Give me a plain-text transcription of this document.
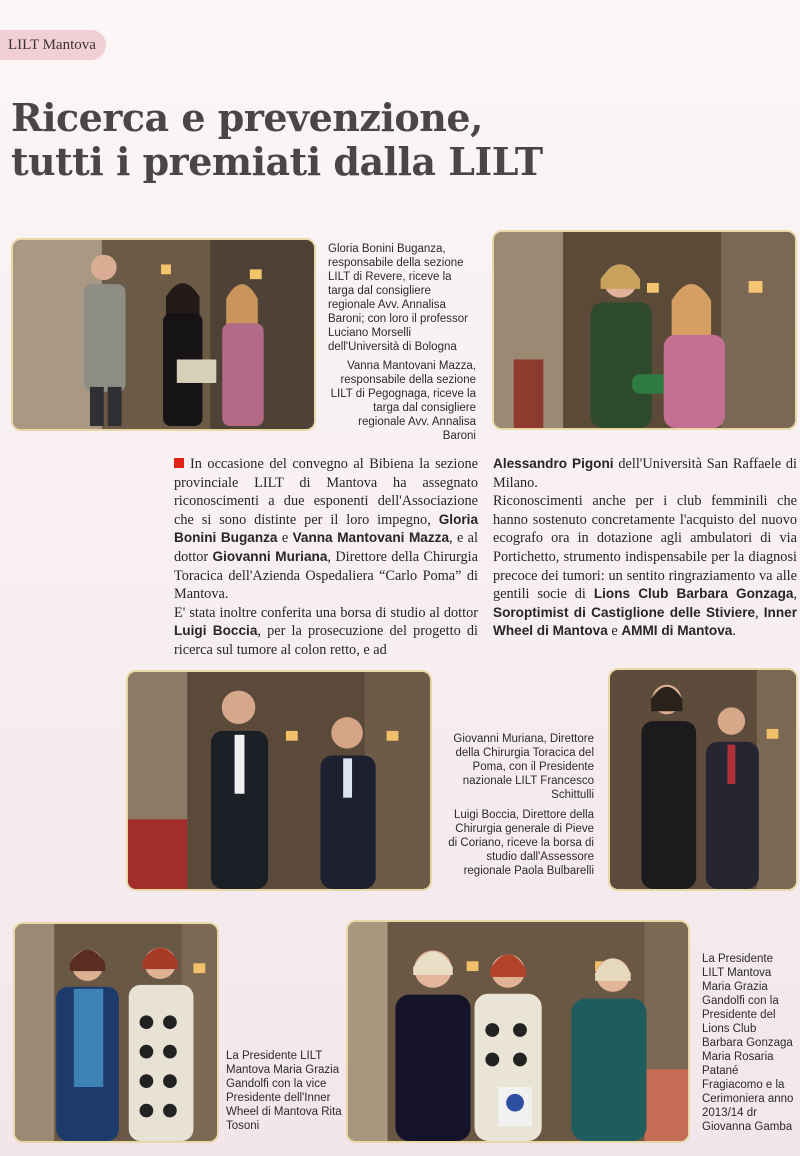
LILT Mantova
Ricerca e prevenzione,
tutti i premiati dalla LILT

Gloria Bonini Buganza, responsabile della sezione LILT di Revere, riceve la targa dal consigliere regionale Avv. Annalisa Baroni; con loro il professor Luciano Morselli dell'Università di Bologna

Vanna Mantovani Mazza, responsabile della sezione LILT di Pegognaga, riceve la targa dal consigliere regionale Avv. Annalisa Baroni

In occasione del convegno al Bibiena la sezione provinciale LILT di Mantova ha assegnato riconoscimenti a due esponenti dell'Associazione che si sono distinte per il loro impegno, Gloria Bonini Buganza e Vanna Mantovani Mazza, e al dottor Giovanni Muriana, Direttore della Chirurgia Toracica dell'Azienda Ospedaliera “Carlo Poma” di Mantova.

E' stata inoltre conferita una borsa di studio al dottor Luigi Boccia, per la prosecuzione del progetto di ricerca sul tumore al colon retto, e ad

Alessandro Pigoni dell'Università San Raffaele di Milano.

Riconoscimenti anche per i club femminili che hanno sostenuto concretamente l'acquisto del nuovo ecografo ora in dotazione agli ambulatori di via Portichetto, strumento indispensabile per la diagnosi precoce dei tumori: un sentito ringraziamento va alle gentili socie di Lions Club Barbara Gonzaga, Soroptimist di Castiglione delle Stiviere, Inner Wheel di Mantova e AMMI di Mantova.

Giovanni Muriana, Direttore della Chirurgia Toracica del Poma, con il Presidente nazionale LILT Francesco Schittulli

Luigi Boccia, Direttore della Chirurgia generale di Pieve di Coriano, riceve la borsa di studio dall'Assessore regionale Paola Bulbarelli

La Presidente LILT Mantova Maria Grazia Gandolfi con la vice Presidente dell'Inner Wheel di Mantova Rita Tosoni

La Presidente LILT Mantova Maria Grazia Gandolfi con la Presidente del Lions Club Barbara Gonzaga Maria Rosaria Patané Fragiacomo e la Cerimoniera anno 2013/14 dr Giovanna Gamba
